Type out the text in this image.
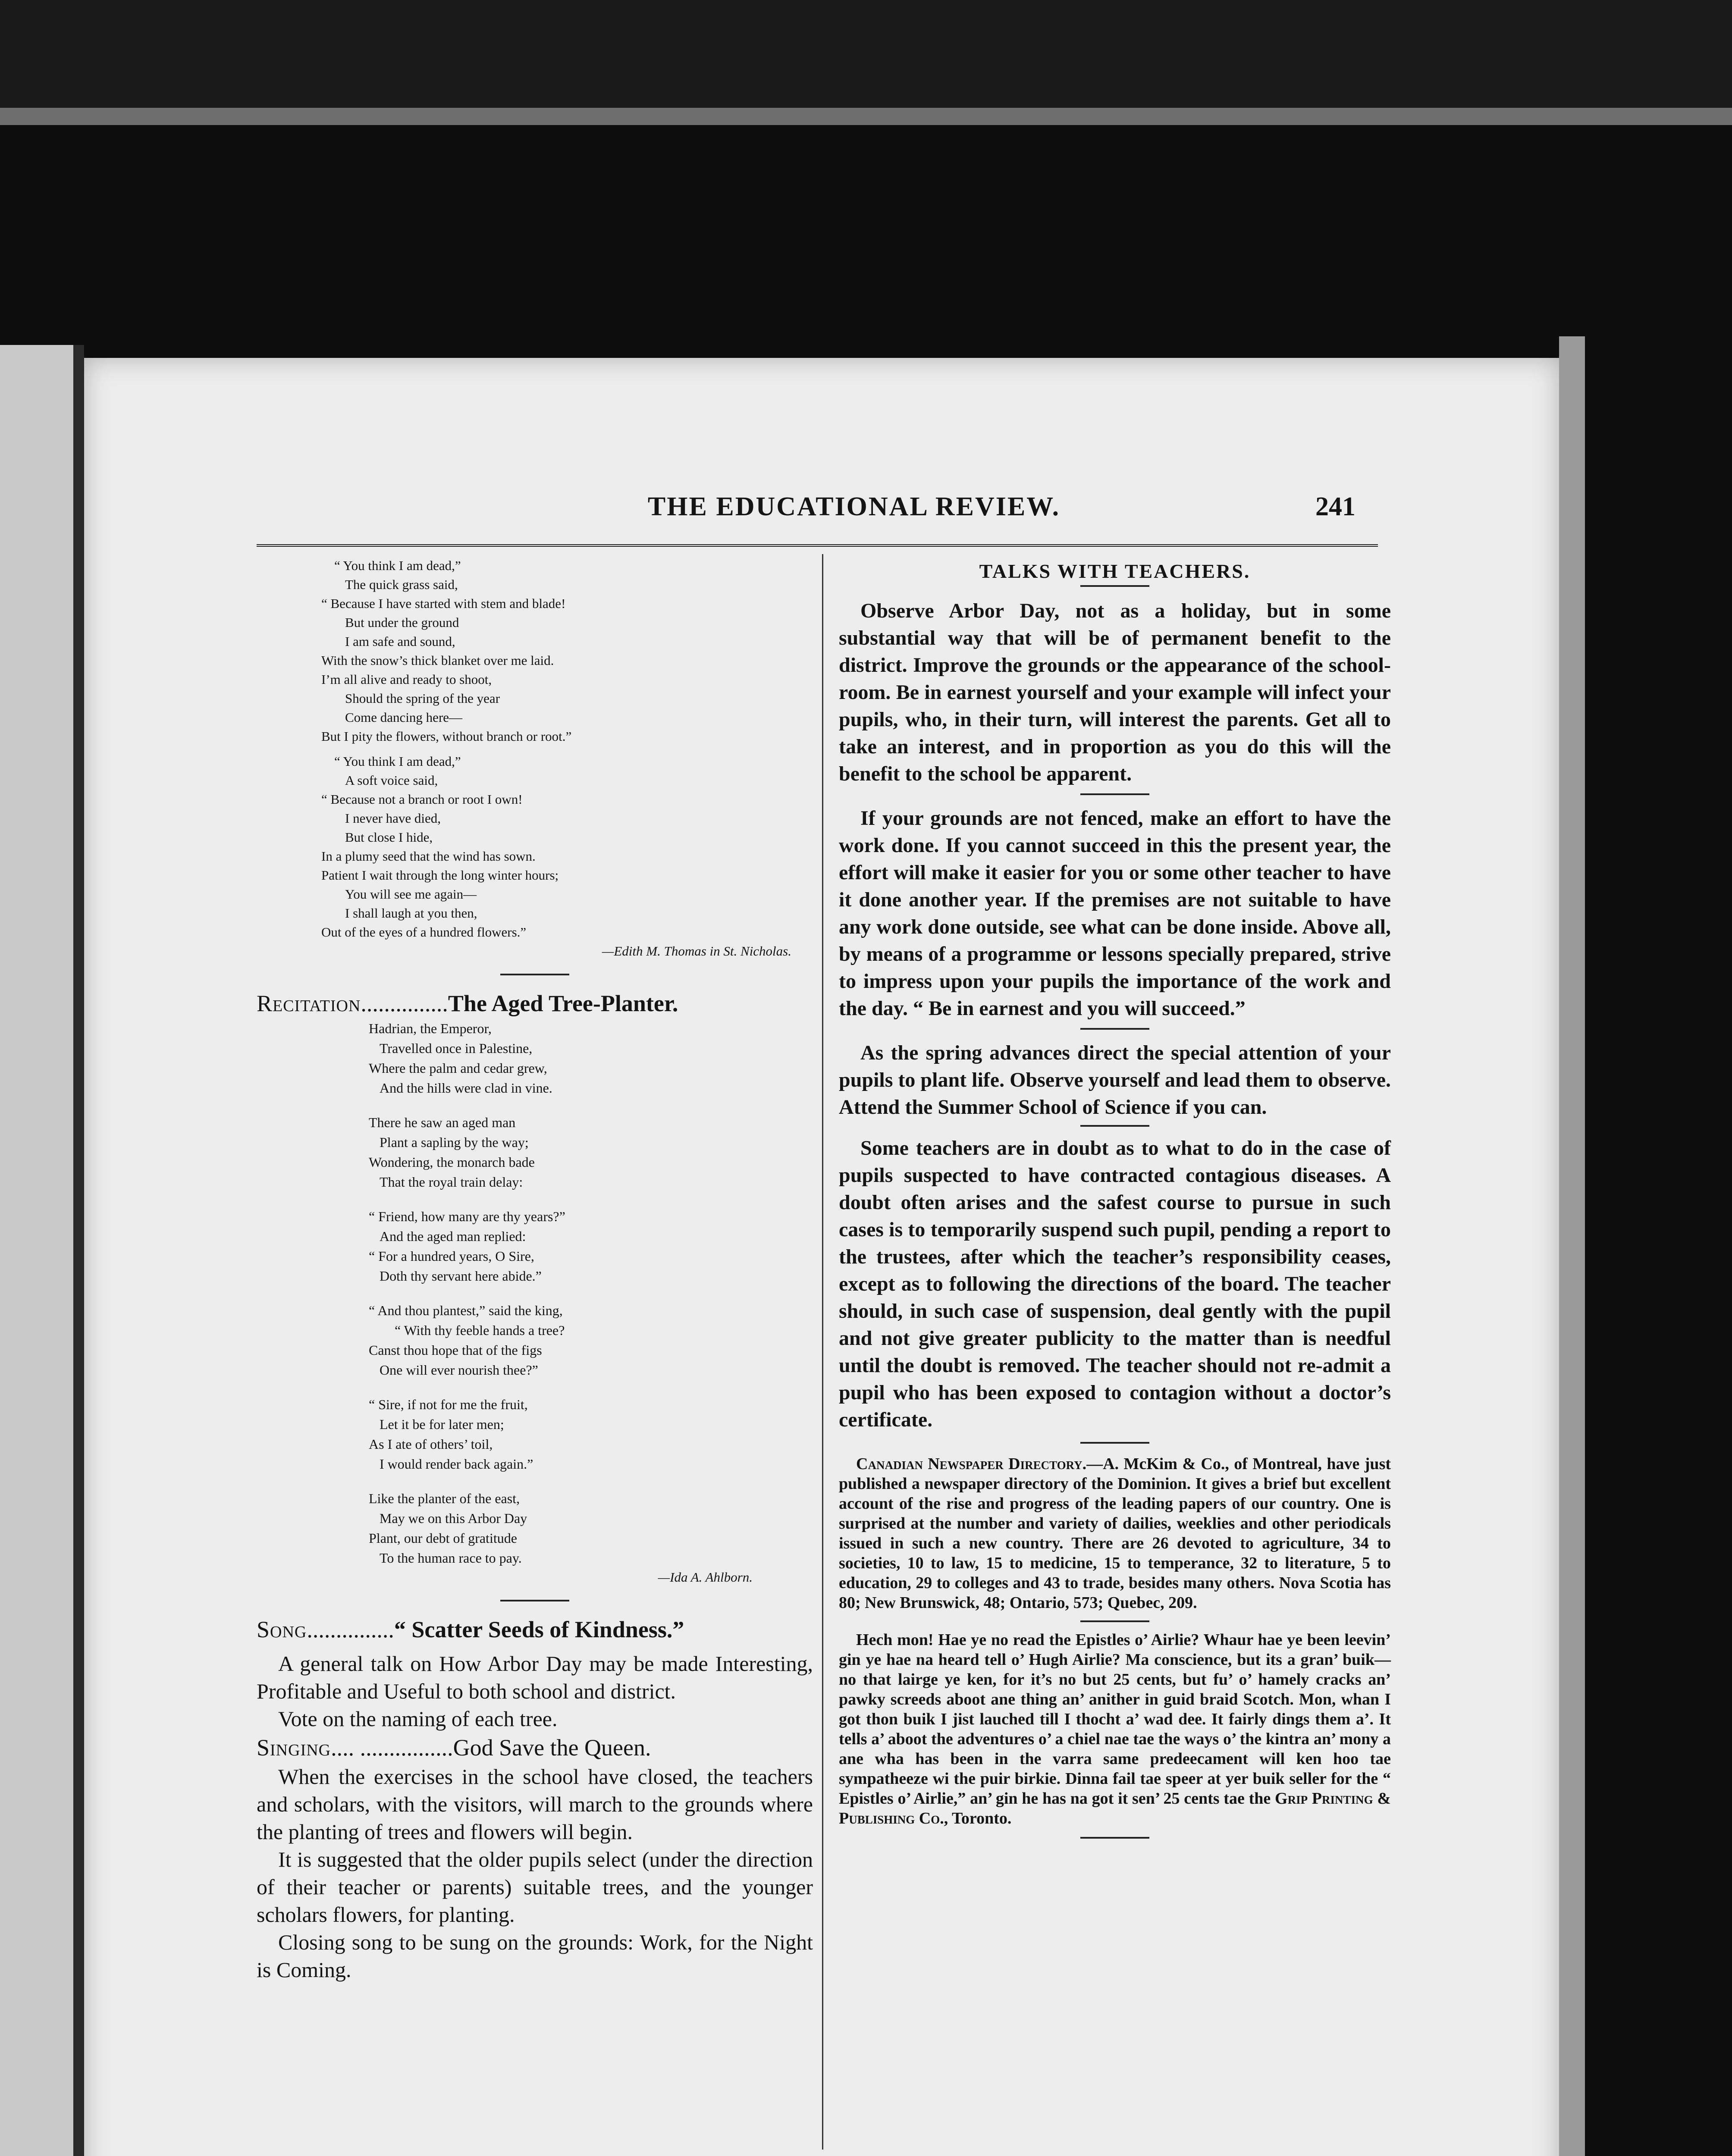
THE EDUCATIONAL REVIEW.	241
“ You think I am dead,”
The quick grass said,
“ Because I have started with stem and blade!
But under the ground
I am safe and sound,
With the snow’s thick blanket over me laid.
I’m all alive and ready to shoot,
Should the spring of the year
Come dancing here—
But I pity the flowers, without branch or root.”
“ You think I am dead,”
A soft voice said,
“ Because not a branch or root I own!
I never have died,
But close I hide,
In a plumy seed that the wind has sown.
Patient I wait through the long winter hours;
You will see me again—
I shall laugh at you then,
Out of the eyes of a hundred flowers.”
—Edith M. Thomas in St. Nicholas.
Recitation...............The Aged Tree-Planter.
Hadrian, the Emperor,
Travelled once in Palestine,
Where the palm and cedar grew,
And the hills were clad in vine.
There he saw an aged man
Plant a sapling by the way;
Wondering, the monarch bade
That the royal train delay:
“ Friend, how many are thy years?”
And the aged man replied:
“ For a hundred years, O Sire,
Doth thy servant here abide.”
“ And thou plantest,” said the king,
“ With thy feeble hands a tree?
Canst thou hope that of the figs
One will ever nourish thee?”
“ Sire, if not for me the fruit,
Let it be for later men;
As I ate of others’ toil,
I would render back again.”
Like the planter of the east,
May we on this Arbor Day
Plant, our debt of gratitude
To the human race to pay.
—Ida A. Ahlborn.
Song...............“ Scatter Seeds of Kindness.”

A general talk on How Arbor Day may be made Interesting, Profitable and Useful to both school and district.

Vote on the naming of each tree.

Singing.... ................God Save the Queen.

When the exercises in the school have closed, the teachers and scholars, with the visitors, will march to the grounds where the planting of trees and flowers will begin.

It is suggested that the older pupils select (under the direction of their teacher or parents) suitable trees, and the younger scholars flowers, for planting.

Closing song to be sung on the grounds: Work, for the Night is Coming.

TALKS WITH TEACHERS.

Observe Arbor Day, not as a holiday, but in some substantial way that will be of permanent benefit to the district. Improve the grounds or the appearance of the school-room. Be in earnest yourself and your example will infect your pupils, who, in their turn, will interest the parents. Get all to take an interest, and in proportion as you do this will the benefit to the school be apparent.

If your grounds are not fenced, make an effort to have the work done. If you cannot succeed in this the present year, the effort will make it easier for you or some other teacher to have it done another year. If the premises are not suitable to have any work done outside, see what can be done inside. Above all, by means of a programme or lessons specially prepared, strive to impress upon your pupils the importance of the work and the day. “ Be in earnest and you will succeed.”

As the spring advances direct the special attention of your pupils to plant life. Observe yourself and lead them to observe. Attend the Summer School of Science if you can.

Some teachers are in doubt as to what to do in the case of pupils suspected to have contracted contagious diseases. A doubt often arises and the safest course to pursue in such cases is to temporarily suspend such pupil, pending a report to the trustees, after which the teacher’s responsibility ceases, except as to following the directions of the board. The teacher should, in such case of suspension, deal gently with the pupil and not give greater publicity to the matter than is needful until the doubt is removed. The teacher should not re-admit a pupil who has been exposed to contagion without a doctor’s certificate.

Canadian Newspaper Directory.—A. McKim & Co., of Montreal, have just published a newspaper directory of the Dominion. It gives a brief but excellent account of the rise and progress of the leading papers of our country. One is surprised at the number and variety of dailies, weeklies and other periodicals issued in such a new country. There are 26 devoted to agriculture, 34 to societies, 10 to law, 15 to medicine, 15 to temperance, 32 to literature, 5 to education, 29 to colleges and 43 to trade, besides many others. Nova Scotia has 80; New Brunswick, 48; Ontario, 573; Quebec, 209.

Hech mon! Hae ye no read the Epistles o’ Airlie? Whaur hae ye been leevin’ gin ye hae na heard tell o’ Hugh Airlie? Ma conscience, but its a gran’ buik—no that lairge ye ken, for it’s no but 25 cents, but fu’ o’ hamely cracks an’ pawky screeds aboot ane thing an’ anither in guid braid Scotch. Mon, whan I got thon buik I jist lauched till I thocht a’ wad dee. It fairly dings them a’. It tells a’ aboot the adventures o’ a chiel nae tae the ways o’ the kintra an’ mony a ane wha has been in the varra same predeecament will ken hoo tae sympatheeze wi the puir birkie. Dinna fail tae speer at yer buik seller for the “ Epistles o’ Airlie,” an’ gin he has na got it sen’ 25 cents tae the Grip Printing & Publishing Co., Toronto.
